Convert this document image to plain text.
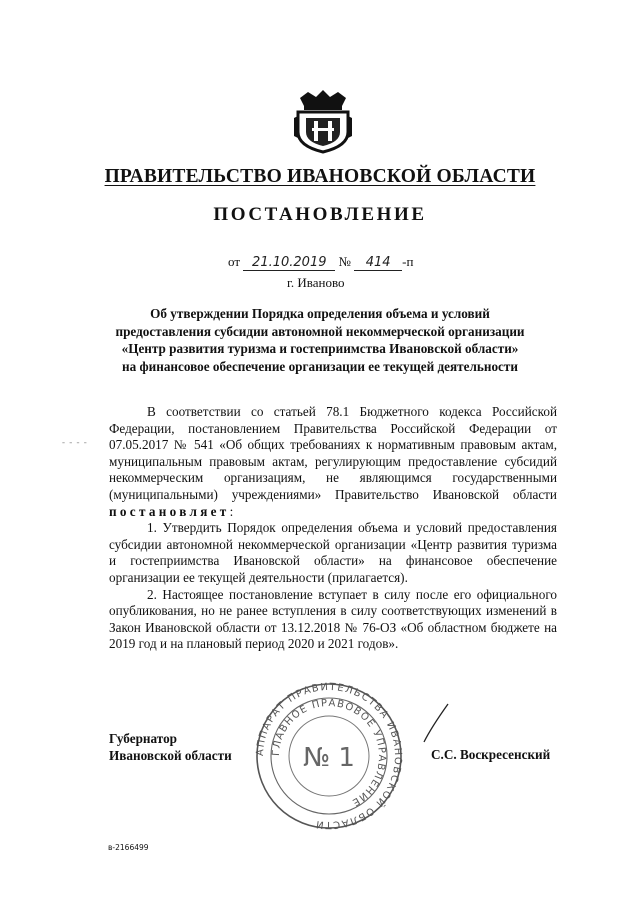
ПРАВИТЕЛЬСТВО ИВАНОВСКОЙ ОБЛАСТИ
ПОСТАНОВЛЕНИЕ
от 21.10.2019 № 414 -п
г. Иваново
Об утверждении Порядка определения объема и условий
предоставления субсидии автономной некоммерческой организации
«Центр развития туризма и гостеприимства Ивановской области»
на финансовое обеспечение организации ее текущей деятельности
- - - -

В соответствии со статьей 78.1 Бюджетного кодекса Российской Федерации, постановлением Правительства Российской Федерации от 07.05.2017 № 541 «Об общих требованиях к нормативным правовым актам, муниципальным правовым актам, регулирующим предоставление субсидий некоммерческим организациям, не являющимся государственными (муниципальными) учреждениями» Правительство Ивановской области постановляет:

1. Утвердить Порядок определения объема и условий предоставления субсидии автономной некоммерческой организации «Центр развития туризма и гостеприимства Ивановской области» на финансовое обеспечение организации ее текущей деятельности (прилагается).

2. Настоящее постановление вступает в силу после его официального опубликования, но не ранее вступления в силу соответствующих изменений в Закон Ивановской области от 13.12.2018 № 76-ОЗ «Об областном бюджете на 2019 год и на плановый период 2020 и 2021 годов».

Губернатор
Ивановской области АППАРАТ ПРАВИТЕЛЬСТВА ИВАНОВСКОЙ ОБЛАСТИ
ГЛАВНОЕ ПРАВОВОЕ УПРАВЛЕНИЕ
№ 1	С.С. Воскресенский
в-2166499
